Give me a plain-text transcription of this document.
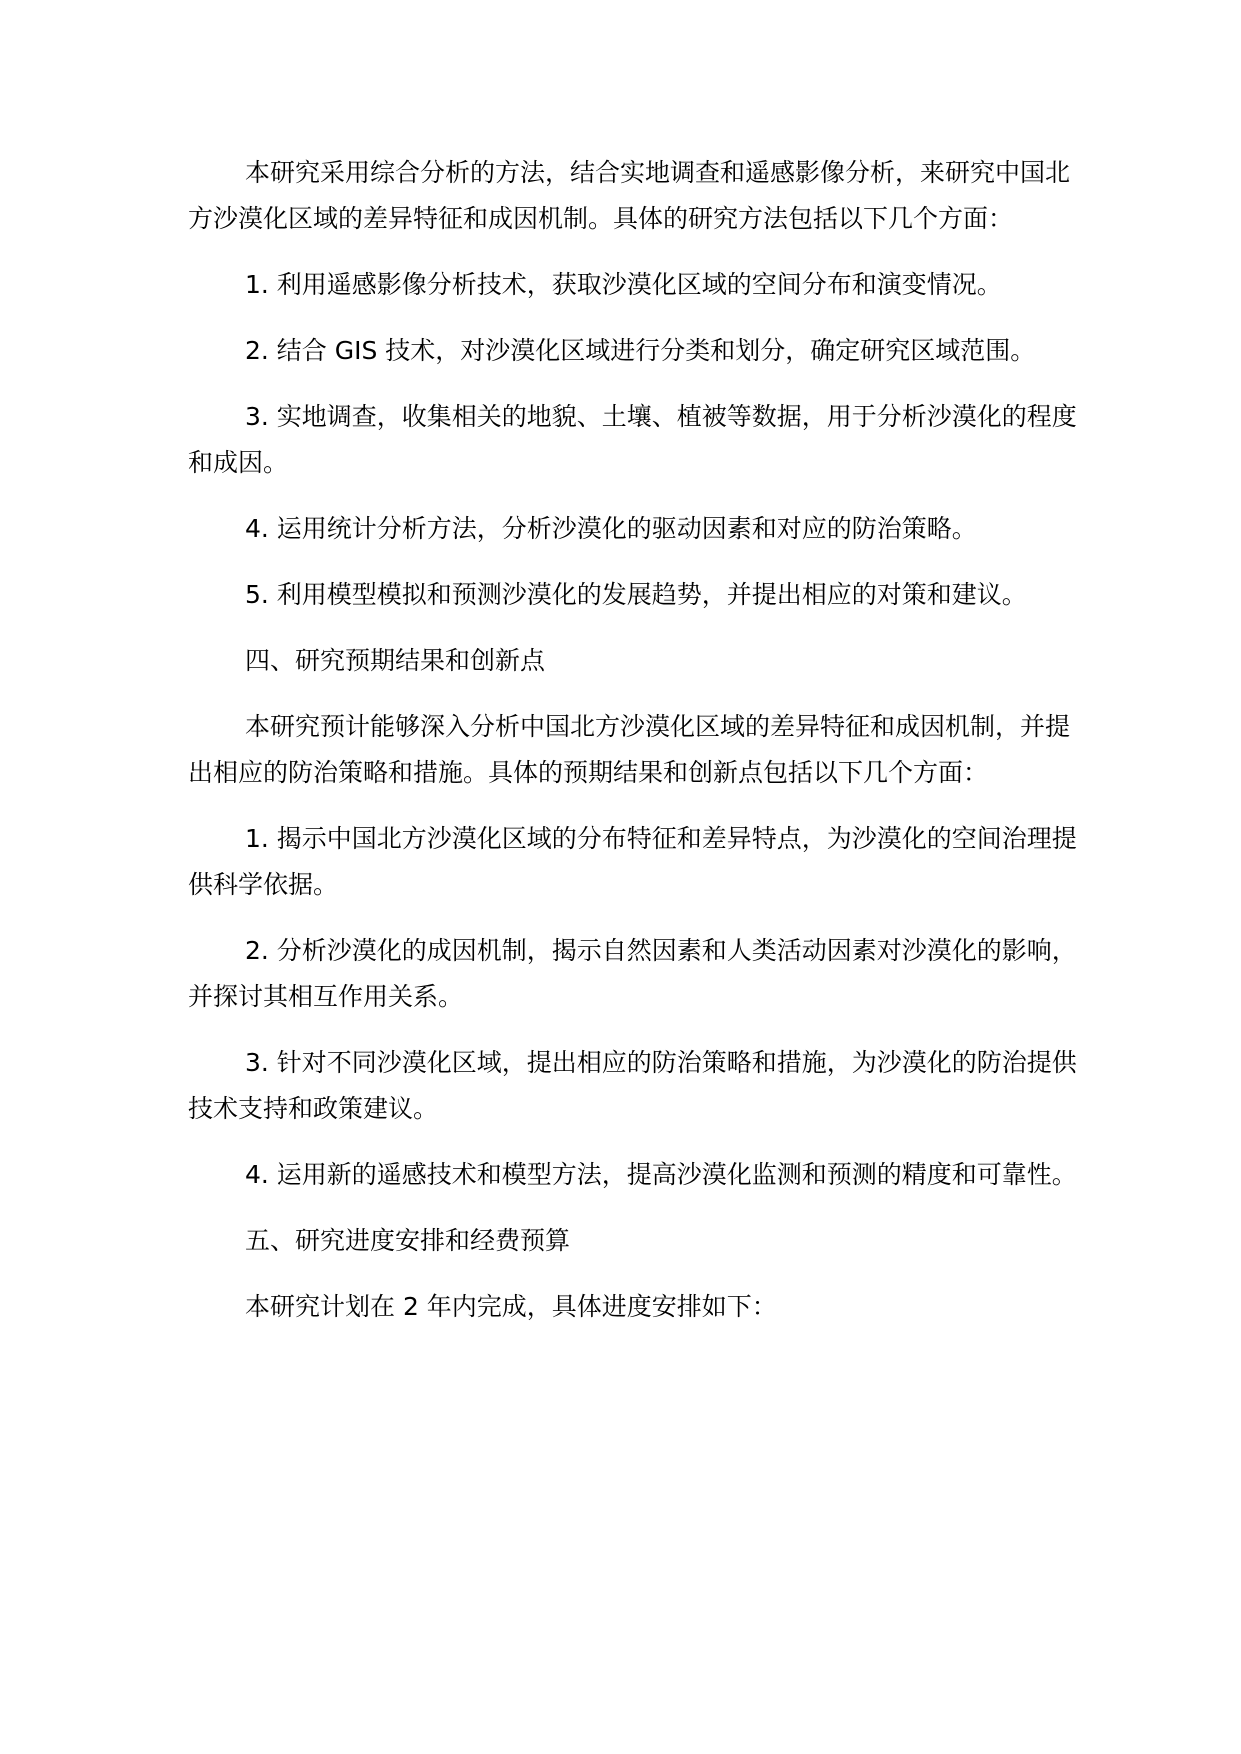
本研究采用综合分析的方法，结合实地调查和遥感影像分析，来研究中国北方沙漠化区域的差异特征和成因机制。具体的研究方法包括以下几个方面：

1. 利用遥感影像分析技术，获取沙漠化区域的空间分布和演变情况。

2. 结合 GIS 技术，对沙漠化区域进行分类和划分，确定研究区域范围。

3. 实地调查，收集相关的地貌、土壤、植被等数据，用于分析沙漠化的程度和成因。

4. 运用统计分析方法，分析沙漠化的驱动因素和对应的防治策略。

5. 利用模型模拟和预测沙漠化的发展趋势，并提出相应的对策和建议。

四、研究预期结果和创新点

本研究预计能够深入分析中国北方沙漠化区域的差异特征和成因机制，并提出相应的防治策略和措施。具体的预期结果和创新点包括以下几个方面：

1. 揭示中国北方沙漠化区域的分布特征和差异特点，为沙漠化的空间治理提供科学依据。

2. 分析沙漠化的成因机制，揭示自然因素和人类活动因素对沙漠化的影响，并探讨其相互作用关系。

3. 针对不同沙漠化区域，提出相应的防治策略和措施，为沙漠化的防治提供技术支持和政策建议。

4. 运用新的遥感技术和模型方法，提高沙漠化监测和预测的精度和可靠性。

五、研究进度安排和经费预算

本研究计划在 2 年内完成，具体进度安排如下：
